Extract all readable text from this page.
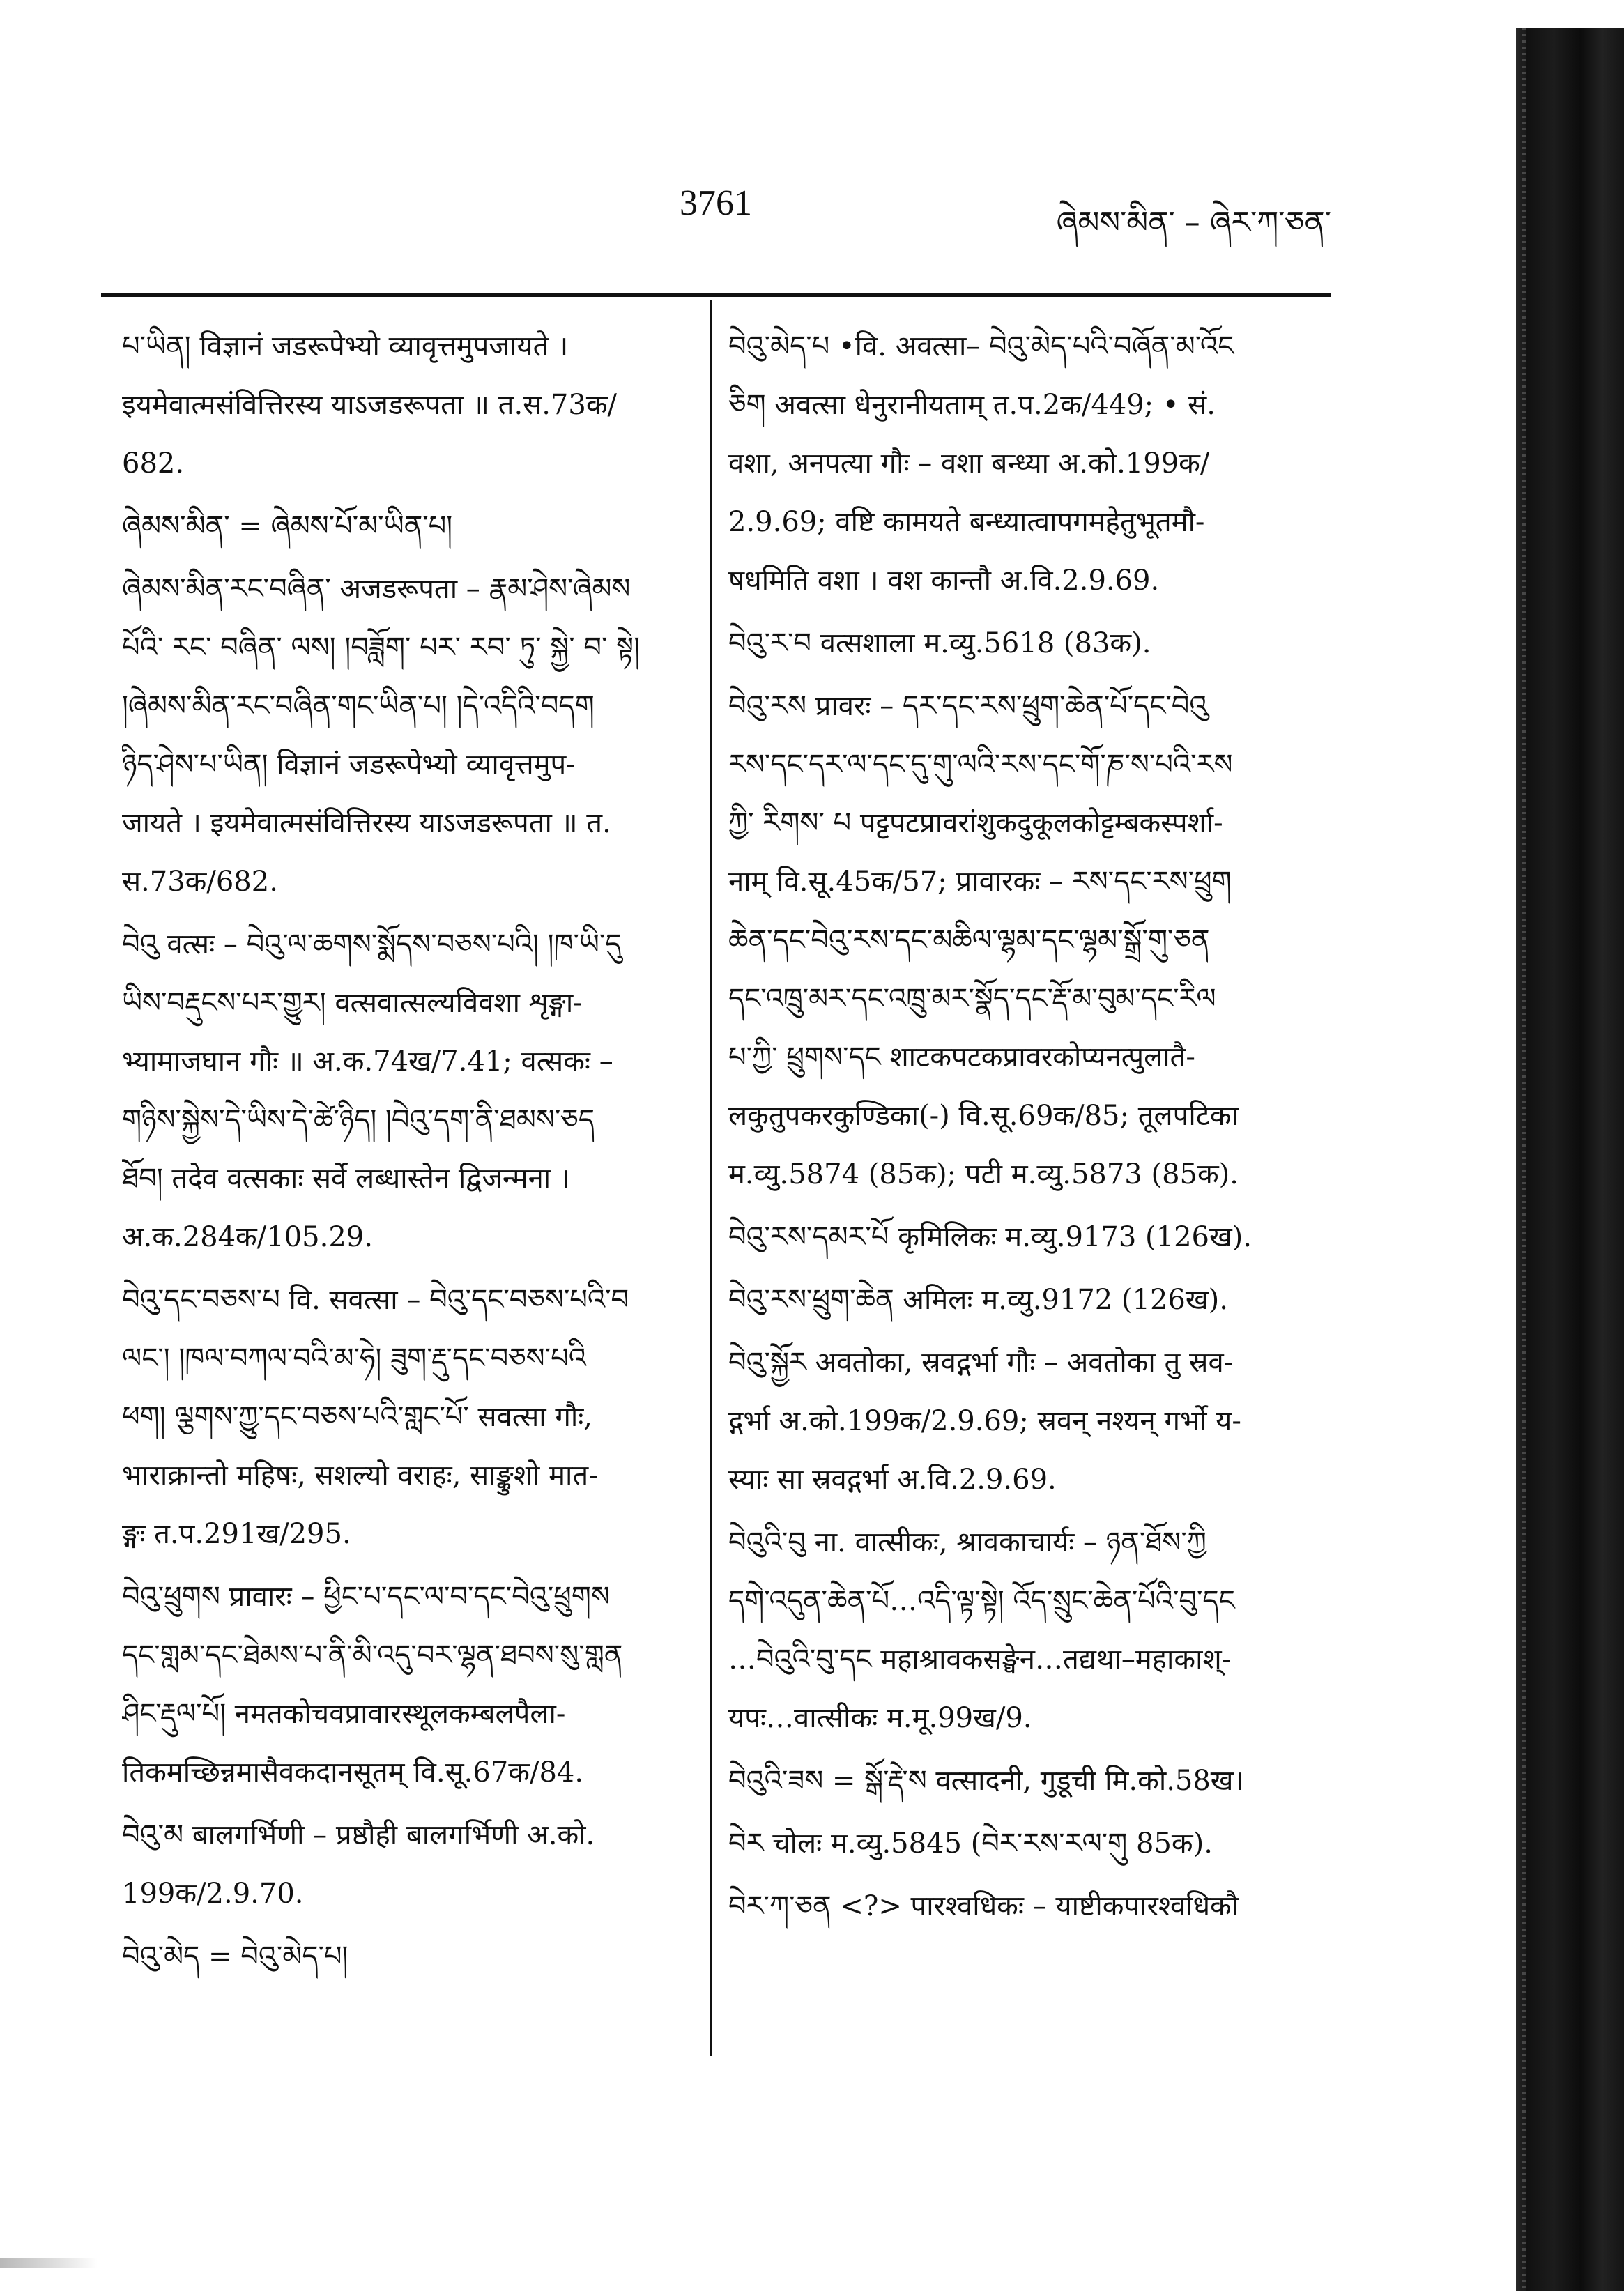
3761	ཞེམས་མིན་ – ཞེར་ཀ་ཅན་
པ་ཡིན། विज्ञानं जडरूपेभ्यो व्यावृत्तमुपजायते ।
इयमेवात्मसंवित्तिरस्य याऽजडरूपता ॥ त.स.73क/
682.
ཞེམས་མིན་ = ཞེམས་པོ་མ་ཡིན་པ།
ཞེམས་མིན་རང་བཞིན་ अजडरूपता – རྣམ་ཤེས་ཞེམས
པོའི་ རང་ བཞིན་ ལས། །བཟློག་ པར་ རབ་ ཏུ་ སྐྱེ་ བ་ སྟེ།
།ཞེམས་མིན་རང་བཞིན་གང་ཡིན་པ། །དེ་འདིའི་བདག
ཉིད་ཤེས་པ་ཡིན། विज्ञानं जडरूपेभ्यो व्यावृत्तमुप-
जायते । इयमेवात्मसंवित्तिरस्य याऽजडरूपता ॥ त.
स.73क/682.
བེའུ वत्सः – བེའུ་ལ་ཆགས་སྨོདས་བཅས་པའི། །ཁ་ཡི་དུ
ཡིས་བརྡུངས་པར་གྱུར། वत्सवात्सल्यविवशा शृङ्गा-
भ्यामाजघान गौः ॥ अ.क.74ख/7.41; वत्सकः –
གཉིས་སྐྱེས་དེ་ཡིས་དེ་ཚེ་ཉིད། །བེའུ་དག་ནི་ཐམས་ཅད
ཐོབ། तदेव वत्सकाः सर्वे लब्धास्तेन द्विजन्मना ।
अ.क.284क/105.29.
བེའུ་དང་བཅས་པ वि. सवत्सा – བེའུ་དང་བཅས་པའི་བ
ལང་། །ཁལ་བཀལ་བའི་མ་ཧེ། ཟུག་རྡུ་དང་བཅས་པའི
ཕག། ལྕགས་ཀྱུ་དང་བཅས་པའི་གླང་པོ་ सवत्सा गौः,
भाराक्रान्तो महिषः, सशल्यो वराहः, साङ्कुशो मात-
ङ्गः त.प.291ख/295.
བེའུ་ཕྲུགས प्रावारः – ཕྱིང་པ་དང་ལ་བ་དང་བེའུ་ཕྲུགས
དང་གླམ་དང་ཐེམས་པ་ནི་མི་འདུ་བར་ལྷན་ཐབས་སུ་གླན
ཤིང་རྡུལ་པོ། नमतकोचवप्रावारस्थूलकम्बलपैला-
तिकमच्छिन्नमासैवकदानसूतम् वि.सू.67क/84.
བེའུ་མ बालगर्भिणी – प्रष्ठौही बालगर्भिणी अ.को.
199क/2.9.70.
བེའུ་མེད = བེའུ་མེད་པ།
བེའུ་མེད་པ •वि. अवत्सा– བེའུ་མེད་པའི་བཞོན་མ་འོང
ཅིག अवत्सा धेनुरानीयताम् त.प.2क/449; • सं.
वशा, अनपत्या गौः – वशा बन्ध्या अ.को.199क/
2.9.69; वष्टि कामयते बन्ध्यात्वापगमहेतुभूतमौ-
षधमिति वशा । वश कान्तौ अ.वि.2.9.69.
བེའུ་ར་བ वत्सशाला म.व्यु.5618 (83क).
བེའུ་རས प्रावरः – དར་དང་རས་ཕྲུག་ཆེན་པོ་དང་བེའུ
རས་དང་དར་ལ་དང་དུ་གུ་ལའི་རས་དང་གོ་ཎ་ས་པའི་རས
ཀྱི་ རིགས་ པ पट्टपटप्रावरांशुकदुकूलकोट्टम्बकस्पर्शा-
नाम् वि.सू.45क/57; प्रावारकः – རས་དང་རས་ཕྲུག
ཆེན་དང་བེའུ་རས་དང་མཆིལ་ལྷམ་དང་ལྷམ་སྒྲོ་གུ་ཅན
དང་འཁྲུ་མར་དང་འཁྲུ་མར་སྣོད་དང་རྡོ་མ་བུམ་དང་རིལ
པ་ཀྱི་ ཕྲུགས་དང शाटकपटकप्रावरकोप्यनत्पुलातै-
लकुतुपकरकुण्डिका(-) वि.सू.69क/85; तूलपटिका
म.व्यु.5874 (85क); पटी म.व्यु.5873 (85क).
བེའུ་རས་དམར་པོ कृमिलिकः म.व्यु.9173 (126ख).
བེའུ་རས་ཕྲུག་ཆེན अमिलः म.व्यु.9172 (126ख).
བེའུ་སྐྱོར अवतोका, स्रवद्गर्भा गौः – अवतोका तु स्रव-
द्गर्भा अ.को.199क/2.9.69; स्रवन् नश्यन् गर्भो य-
स्याः सा स्रवद्गर्भा अ.वि.2.9.69.
བེའུའི་བུ ना. वात्सीकः, श्रावकाचार्यः – ཉན་ཐོས་ཀྱི
དགེ་འདུན་ཆེན་པོ…འདི་ལྟ་སྟེ། འོད་སྲུང་ཆེན་པོའི་བུ་དང
…བེའུའི་བུ་དང महाश्रावकसङ्घेन…तद्यथा–महाकाश्-
यपः…वात्सीकः म.मू.99ख/9.
བེའུའི་ཟས = སྒོ་རྡེ་ས वत्सादनी, गुडूची मि.को.58ख।
བེར चोलः म.व्यु.5845 (བེར་རས་རལ་གུ 85क).
བེར་ཀ་ཅན <?> पारश्वधिकः – याष्टीकपारश्वधिकौ
